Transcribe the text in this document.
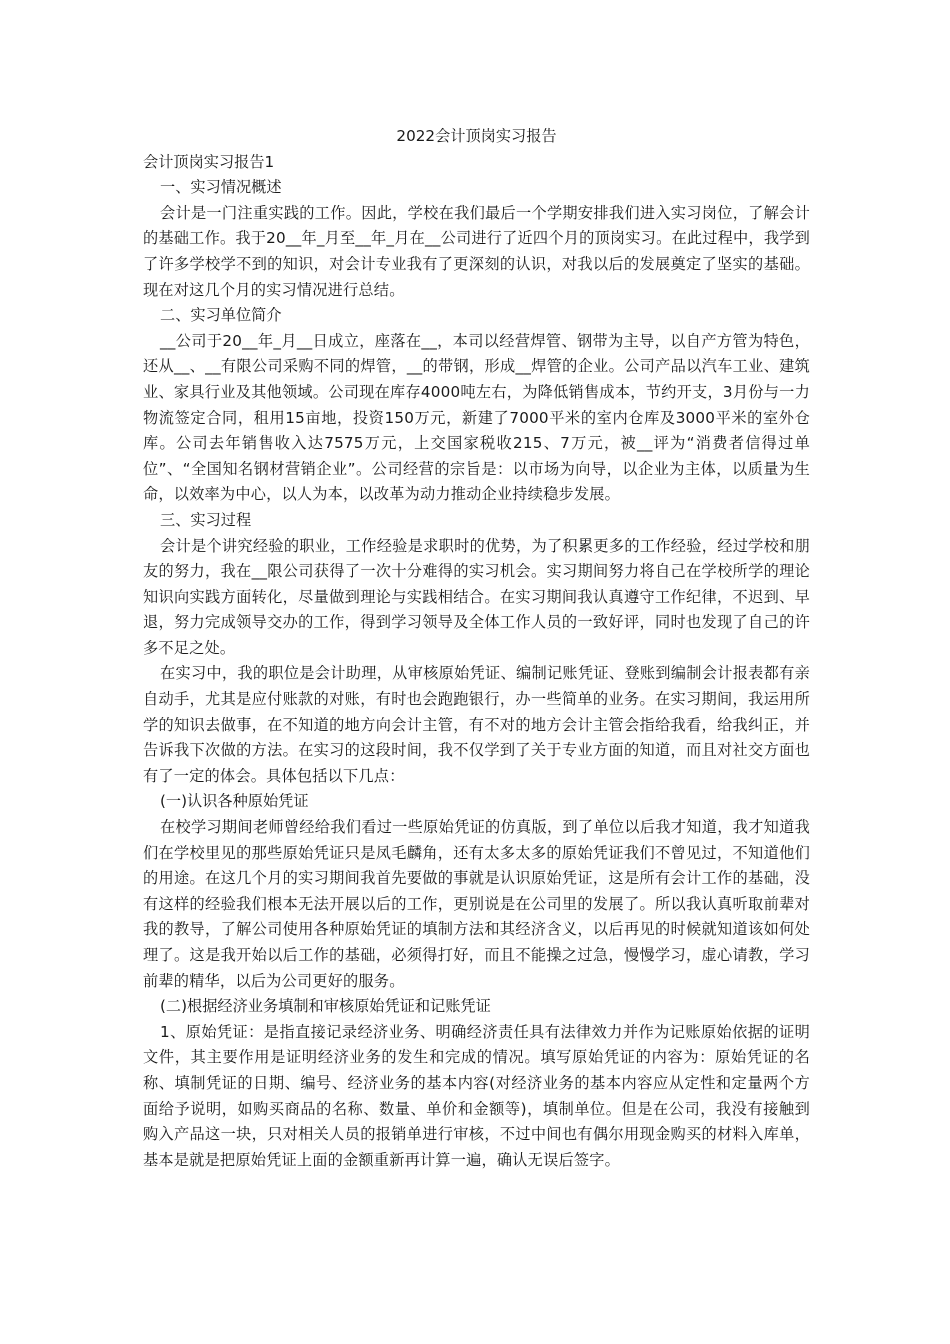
2022会计顶岗实习报告

会计顶岗实习报告1

一、实习情况概述

会计是一门注重实践的工作。因此，学校在我们最后一个学期安排我们进入实习岗位，了解会计的基础工作。我于20__年_月至__年_月在__公司进行了近四个月的顶岗实习。在此过程中，我学到了许多学校学不到的知识，对会计专业我有了更深刻的认识，对我以后的发展奠定了坚实的基础。现在对这几个月的实习情况进行总结。

二、实习单位简介

__公司于20__年_月__日成立，座落在__，本司以经营焊管、钢带为主导，以自产方管为特色，还从__、__有限公司采购不同的焊管，__的带钢，形成__焊管的企业。公司产品以汽车工业、建筑业、家具行业及其他领域。公司现在库存4000吨左右，为降低销售成本，节约开支，3月份与一力物流签定合同，租用15亩地，投资150万元，新建了7000平米的室内仓库及3000平米的室外仓库。公司去年销售收入达7575万元，上交国家税收215、7万元，被__评为“消费者信得过单位”、“全国知名钢材营销企业”。公司经营的宗旨是：以市场为向导，以企业为主体，以质量为生命，以效率为中心，以人为本，以改革为动力推动企业持续稳步发展。

三、实习过程

会计是个讲究经验的职业，工作经验是求职时的优势，为了积累更多的工作经验，经过学校和朋友的努力，我在__限公司获得了一次十分难得的实习机会。实习期间努力将自己在学校所学的理论知识向实践方面转化，尽量做到理论与实践相结合。在实习期间我认真遵守工作纪律，不迟到、早退，努力完成领导交办的工作，得到学习领导及全体工作人员的一致好评，同时也发现了自己的许多不足之处。

在实习中，我的职位是会计助理，从审核原始凭证、编制记账凭证、登账到编制会计报表都有亲自动手，尤其是应付账款的对账，有时也会跑跑银行，办一些简单的业务。在实习期间，我运用所学的知识去做事，在不知道的地方向会计主管，有不对的地方会计主管会指给我看，给我纠正，并告诉我下次做的方法。在实习的这段时间，我不仅学到了关于专业方面的知道，而且对社交方面也有了一定的体会。具体包括以下几点：

(一)认识各种原始凭证

在校学习期间老师曾经给我们看过一些原始凭证的仿真版，到了单位以后我才知道，我才知道我们在学校里见的那些原始凭证只是凤毛麟角，还有太多太多的原始凭证我们不曾见过，不知道他们的用途。在这几个月的实习期间我首先要做的事就是认识原始凭证，这是所有会计工作的基础，没有这样的经验我们根本无法开展以后的工作，更别说是在公司里的发展了。所以我认真听取前辈对我的教导，了解公司使用各种原始凭证的填制方法和其经济含义，以后再见的时候就知道该如何处理了。这是我开始以后工作的基础，必须得打好，而且不能操之过急，慢慢学习，虚心请教，学习前辈的精华，以后为公司更好的服务。

(二)根据经济业务填制和审核原始凭证和记账凭证

1、原始凭证：是指直接记录经济业务、明确经济责任具有法律效力并作为记账原始依据的证明文件，其主要作用是证明经济业务的发生和完成的情况。填写原始凭证的内容为：原始凭证的名称、填制凭证的日期、编号、经济业务的基本内容(对经济业务的基本内容应从定性和定量两个方面给予说明，如购买商品的名称、数量、单价和金额等)，填制单位。但是在公司，我没有接触到购入产品这一块，只对相关人员的报销单进行审核，不过中间也有偶尔用现金购买的材料入库单，基本是就是把原始凭证上面的金额重新再计算一遍，确认无误后签字。
